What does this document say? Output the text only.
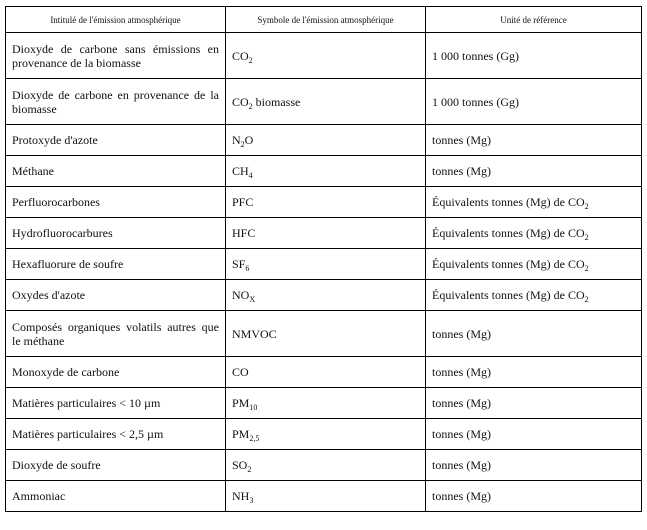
Intitulé de l'émission atmosphérique	Symbole de l'émission atmosphérique	Unité de référence
Dioxyde de carbone sans émissions en provenance de la biomasse	$CO_2$	1 000 tonnes (Gg)
Dioxyde de carbone en provenance de la biomasse	$CO_2$ biomasse	1 000 tonnes (Gg)
Protoxyde d'azote	$N_2O$	tonnes (Mg)
Méthane	$CH_4$	tonnes (Mg)
Perfluorocarbones	PFC	Équivalents tonnes (Mg) de $CO_2$
Hydrofluorocarbures	HFC	Équivalents tonnes (Mg) de $CO_2$
Hexafluorure de soufre	$SF_6$	Équivalents tonnes (Mg) de $CO_2$
Oxydes d'azote	$NO_X$	Équivalents tonnes (Mg) de $CO_2$
Composés organiques volatils autres que le méthane	NMVOC	tonnes (Mg)
Monoxyde de carbone	CO	tonnes (Mg)
Matières particulaires < 10 µm	$PM_{10}$	tonnes (Mg)
Matières particulaires < 2,5 µm	$PM_{2,5}$	tonnes (Mg)
Dioxyde de soufre	$SO_2$	tonnes (Mg)
Ammoniac	$NH_3$	tonnes (Mg)
